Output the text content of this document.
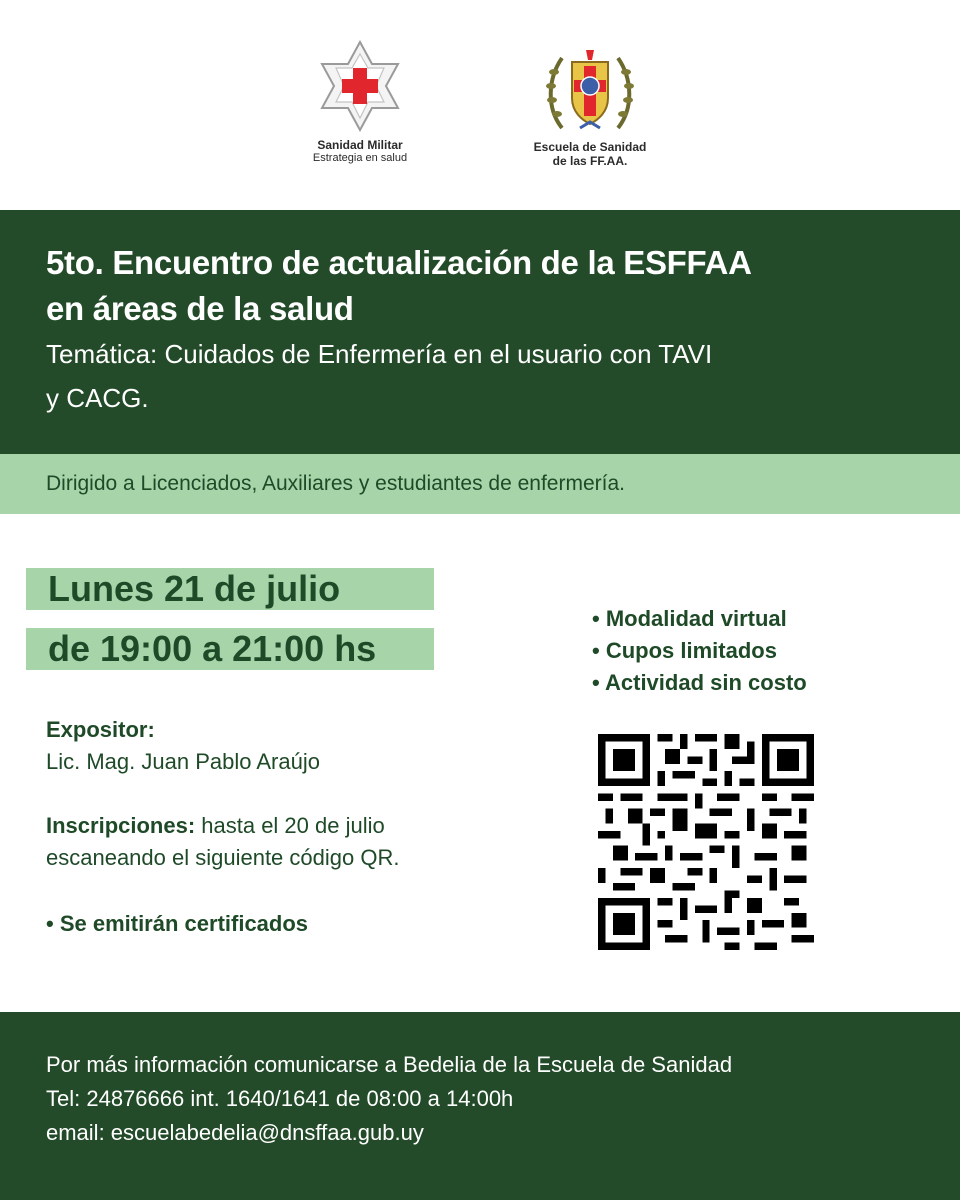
Sanidad Militar
Estrategia en salud
Escuela de Sanidad
de las FF.AA.
5to. Encuentro de actualización de la ESFFAA
en áreas de la salud
Temática: Cuidados de Enfermería en el usuario con TAVI
y CACG.
Dirigido a Licenciados, Auxiliares y estudiantes de enfermería.
Lunes 21 de julio
de 19:00 a 21:00 hs
• Modalidad virtual
• Cupos limitados
• Actividad sin costo
Expositor:
Lic. Mag. Juan Pablo Araújo
Inscripciones: hasta el 20 de julio
escaneando el siguiente código QR.
• Se emitirán certificados
Por más información comunicarse a Bedelia de la Escuela de Sanidad
Tel: 24876666 int. 1640/1641 de 08:00 a 14:00h
email: escuelabedelia@dnsffaa.gub.uy
